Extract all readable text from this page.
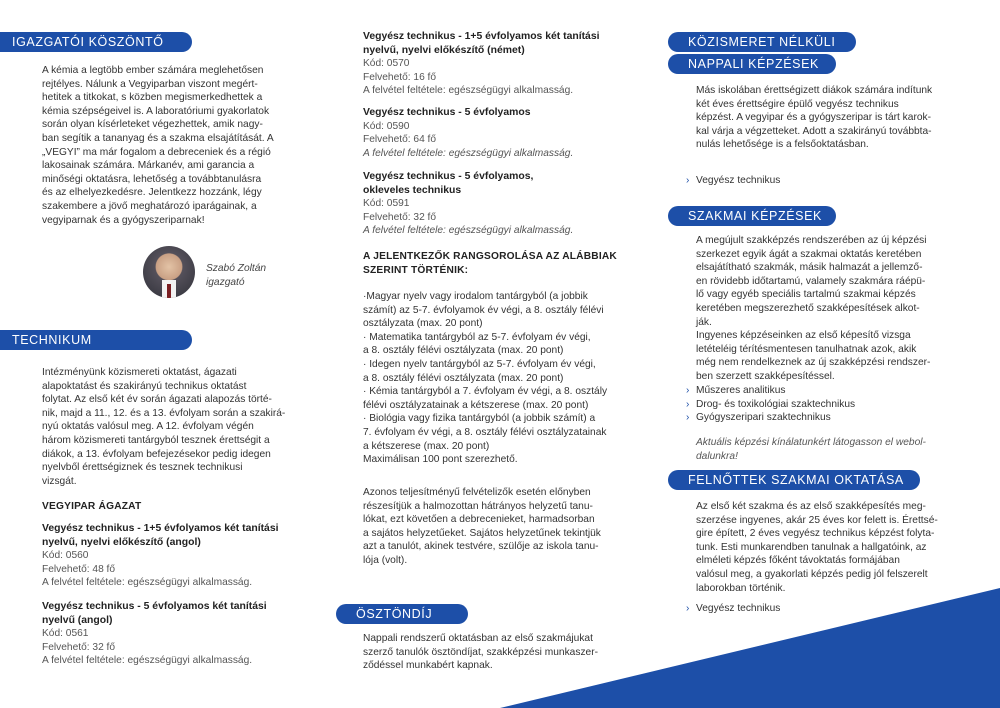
IGAZGATÓI KÖSZÖNTŐ
A kémia a legtöbb ember számára meglehetősen
rejtélyes. Nálunk a Vegyiparban viszont megért-
hetitek a titkokat, s közben megismerkedhettek a
kémia szépségeivel is. A laboratóriumi gyakorlatok
során olyan kísérleteket végezhettek, amik nagy-
ban segítik a tananyag és a szakma elsajátítását. A
„VEGYI” ma már fogalom a debreceniek és a régió
lakosainak számára. Márkanév, ami garancia a
minőségi oktatásra, lehetőség a továbbtanulásra
és az elhelyezkedésre. Jelentkezz hozzánk, légy
szakembere a jövő meghatározó iparágainak, a
vegyiparnak és a gyógyszeriparnak!
Szabó Zoltán
igazgató
TECHNIKUM
Intézményünk közismereti oktatást, ágazati
alapoktatást és szakirányú technikus oktatást
folytat. Az első két év során ágazati alapozás törté-
nik, majd a 11., 12. és a 13. évfolyam során a szakirá-
nyú oktatás valósul meg. A 12. évfolyam végén
három közismereti tantárgyból tesznek érettségit a
diákok, a 13. évfolyam befejezésekor pedig idegen
nyelvből érettségiznek és tesznek technikusi
vizsgát.
VEGYIPAR ÁGAZAT
Vegyész technikus - 1+5 évfolyamos két tanítási
nyelvű, nyelvi előkészítő (angol)
Kód: 0560
Felvehető: 48 fő
A felvétel feltétele: egészségügyi alkalmasság.
Vegyész technikus - 5 évfolyamos két tanítási
nyelvű (angol)
Kód: 0561
Felvehető: 32 fő
A felvétel feltétele: egészségügyi alkalmasság.
Vegyész technikus - 1+5 évfolyamos két tanítási
nyelvű, nyelvi előkészítő (német)
Kód: 0570
Felvehető: 16 fő
A felvétel feltétele: egészségügyi alkalmasság.
Vegyész technikus - 5 évfolyamos
Kód: 0590
Felvehető: 64 fő
A felvétel feltétele: egészségügyi alkalmasság.
Vegyész technikus - 5 évfolyamos,
okleveles technikus
Kód: 0591
Felvehető: 32 fő
A felvétel feltétele: egészségügyi alkalmasság.
A JELENTKEZŐK RANGSOROLÁSA AZ ALÁBBIAK
SZERINT TÖRTÉNIK:
·Magyar nyelv vagy irodalom tantárgyból (a jobbik
számít) az 5-7. évfolyamok év végi, a 8. osztály félévi
osztályzata (max. 20 pont)
· Matematika tantárgyból az 5-7. évfolyam év végi,
a 8. osztály félévi osztályzata (max. 20 pont)
· Idegen nyelv tantárgyból az 5-7. évfolyam év végi,
a 8. osztály félévi osztályzata (max. 20 pont)
· Kémia tantárgyból a 7. évfolyam év végi, a 8. osztály
félévi osztályzatainak a kétszerese (max. 20 pont)
· Biológia vagy fizika tantárgyból (a jobbik számít) a
7. évfolyam év végi, a 8. osztály félévi osztályzatainak
a kétszerese (max. 20 pont)
Maximálisan 100 pont szerezhető.
Azonos teljesítményű felvételizők esetén előnyben
részesítjük a halmozottan hátrányos helyzetű tanu-
lókat, ezt követően a debrecenieket, harmadsorban
a sajátos helyzetűeket. Sajátos helyzetűnek tekintjük
azt a tanulót, akinek testvére, szülője az iskola tanu-
lója (volt).
ÖSZTÖNDÍJ
Nappali rendszerű oktatásban az első szakmájukat
szerző tanulók ösztöndíjat, szakképzési munkaszer-
ződéssel munkabért kapnak.
KÖZISMERET NÉLKÜLI
NAPPALI KÉPZÉSEK
Más iskolában érettségizett diákok számára indítunk
két éves érettségire épülő vegyész technikus
képzést. A vegyipar és a gyógyszeripar is tárt karok-
kal várja a végzetteket. Adott a szakirányú továbbta-
nulás lehetősége is a felsőoktatásban.
› Vegyész technikus
SZAKMAI KÉPZÉSEK
A megújult szakképzés rendszerében az új képzési
szerkezet egyik ágát a szakmai oktatás keretében
elsajátítható szakmák, másik halmazát a jellemző-
en rövidebb időtartamú, valamely szakmára ráépü-
lő vagy egyéb speciális tartalmú szakmai képzés
keretében megszerezhető szakképesítések alkot-
ják.
Ingyenes képzéseinken az első képesítő vizsga
letételéig térítésmentesen tanulhatnak azok, akik
még nem rendelkeznek az új szakképzési rendszer-
ben szerzett szakképesítéssel.
› Műszeres analitikus
› Drog- és toxikológiai szaktechnikus
› Gyógyszeripari szaktechnikus
Aktuális képzési kínálatunkért látogasson el webol-
dalunkra!
FELNŐTTEK SZAKMAI OKTATÁSA
Az első két szakma és az első szakképesítés meg-
szerzése ingyenes, akár 25 éves kor felett is. Érettsé-
gire épített, 2 éves vegyész technikus képzést folyta-
tunk. Esti munkarendben tanulnak a hallgatóink, az
elméleti képzés főként távoktatás formájában
valósul meg, a gyakorlati képzés pedig jól felszerelt
laborokban történik.
› Vegyész technikus
